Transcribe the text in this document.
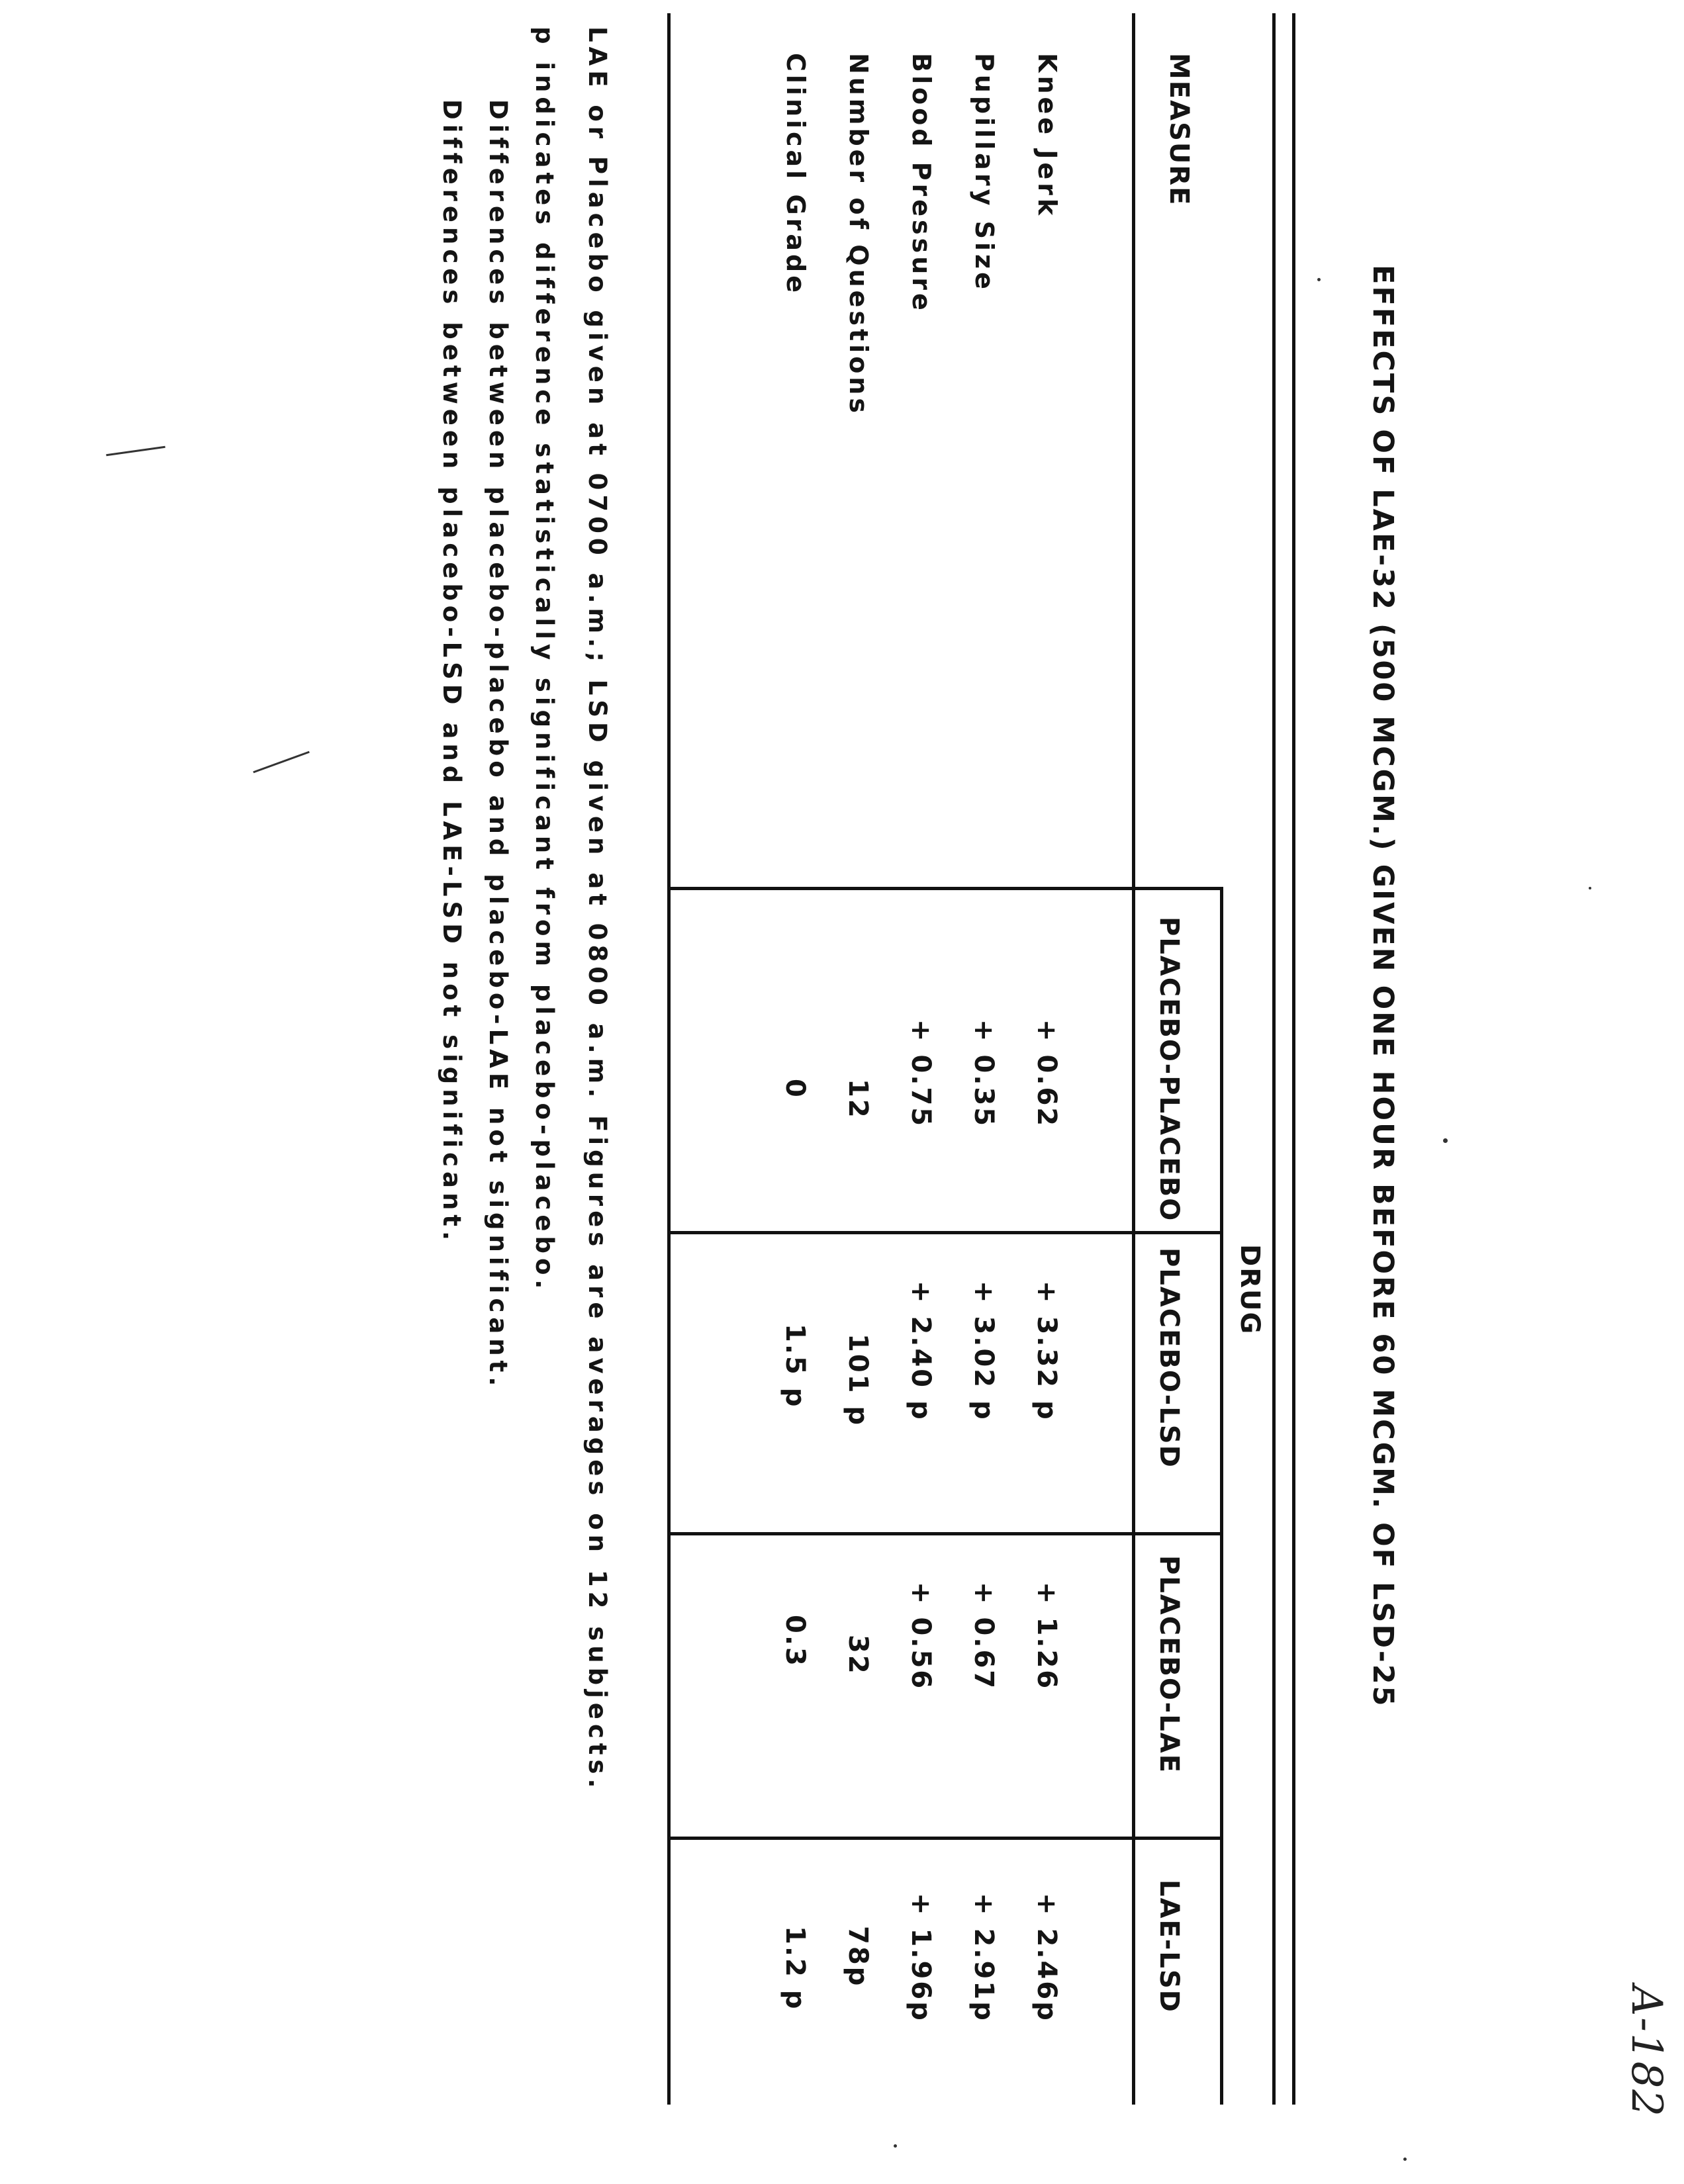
EFFECTS OF LAE-32 (500 MCGM.) GIVEN ONE HOUR BEFORE 60 MCGM. OF LSD-25
MEASURE
DRUG
PLACEBO-PLACEBO
PLACEBO-LSD
PLACEBO-LAE
LAE-LSD
Knee Jerk
Pupillary Size
Blood Pressure
Number of Questions
Clinical Grade
+ 0.62
+ 3.32 p
+ 1.26
+ 2.46p
+ 0.35
+ 3.02 p
+ 0.67
+ 2.91p
+ 0.75
+ 2.40 p
+ 0.56
+ 1.96p
12
101 p
32
78p
0
1.5 p
0.3
1.2 p
LAE or Placebo given at 0700 a.m.; LSD given at 0800 a.m. Figures are averages on 12 subjects.
p indicates difference statistically significant from placebo-placebo.
Differences between placebo-placebo and placebo-LAE not significant.
Differences between placebo-LSD and LAE-LSD not significant.
A-182
